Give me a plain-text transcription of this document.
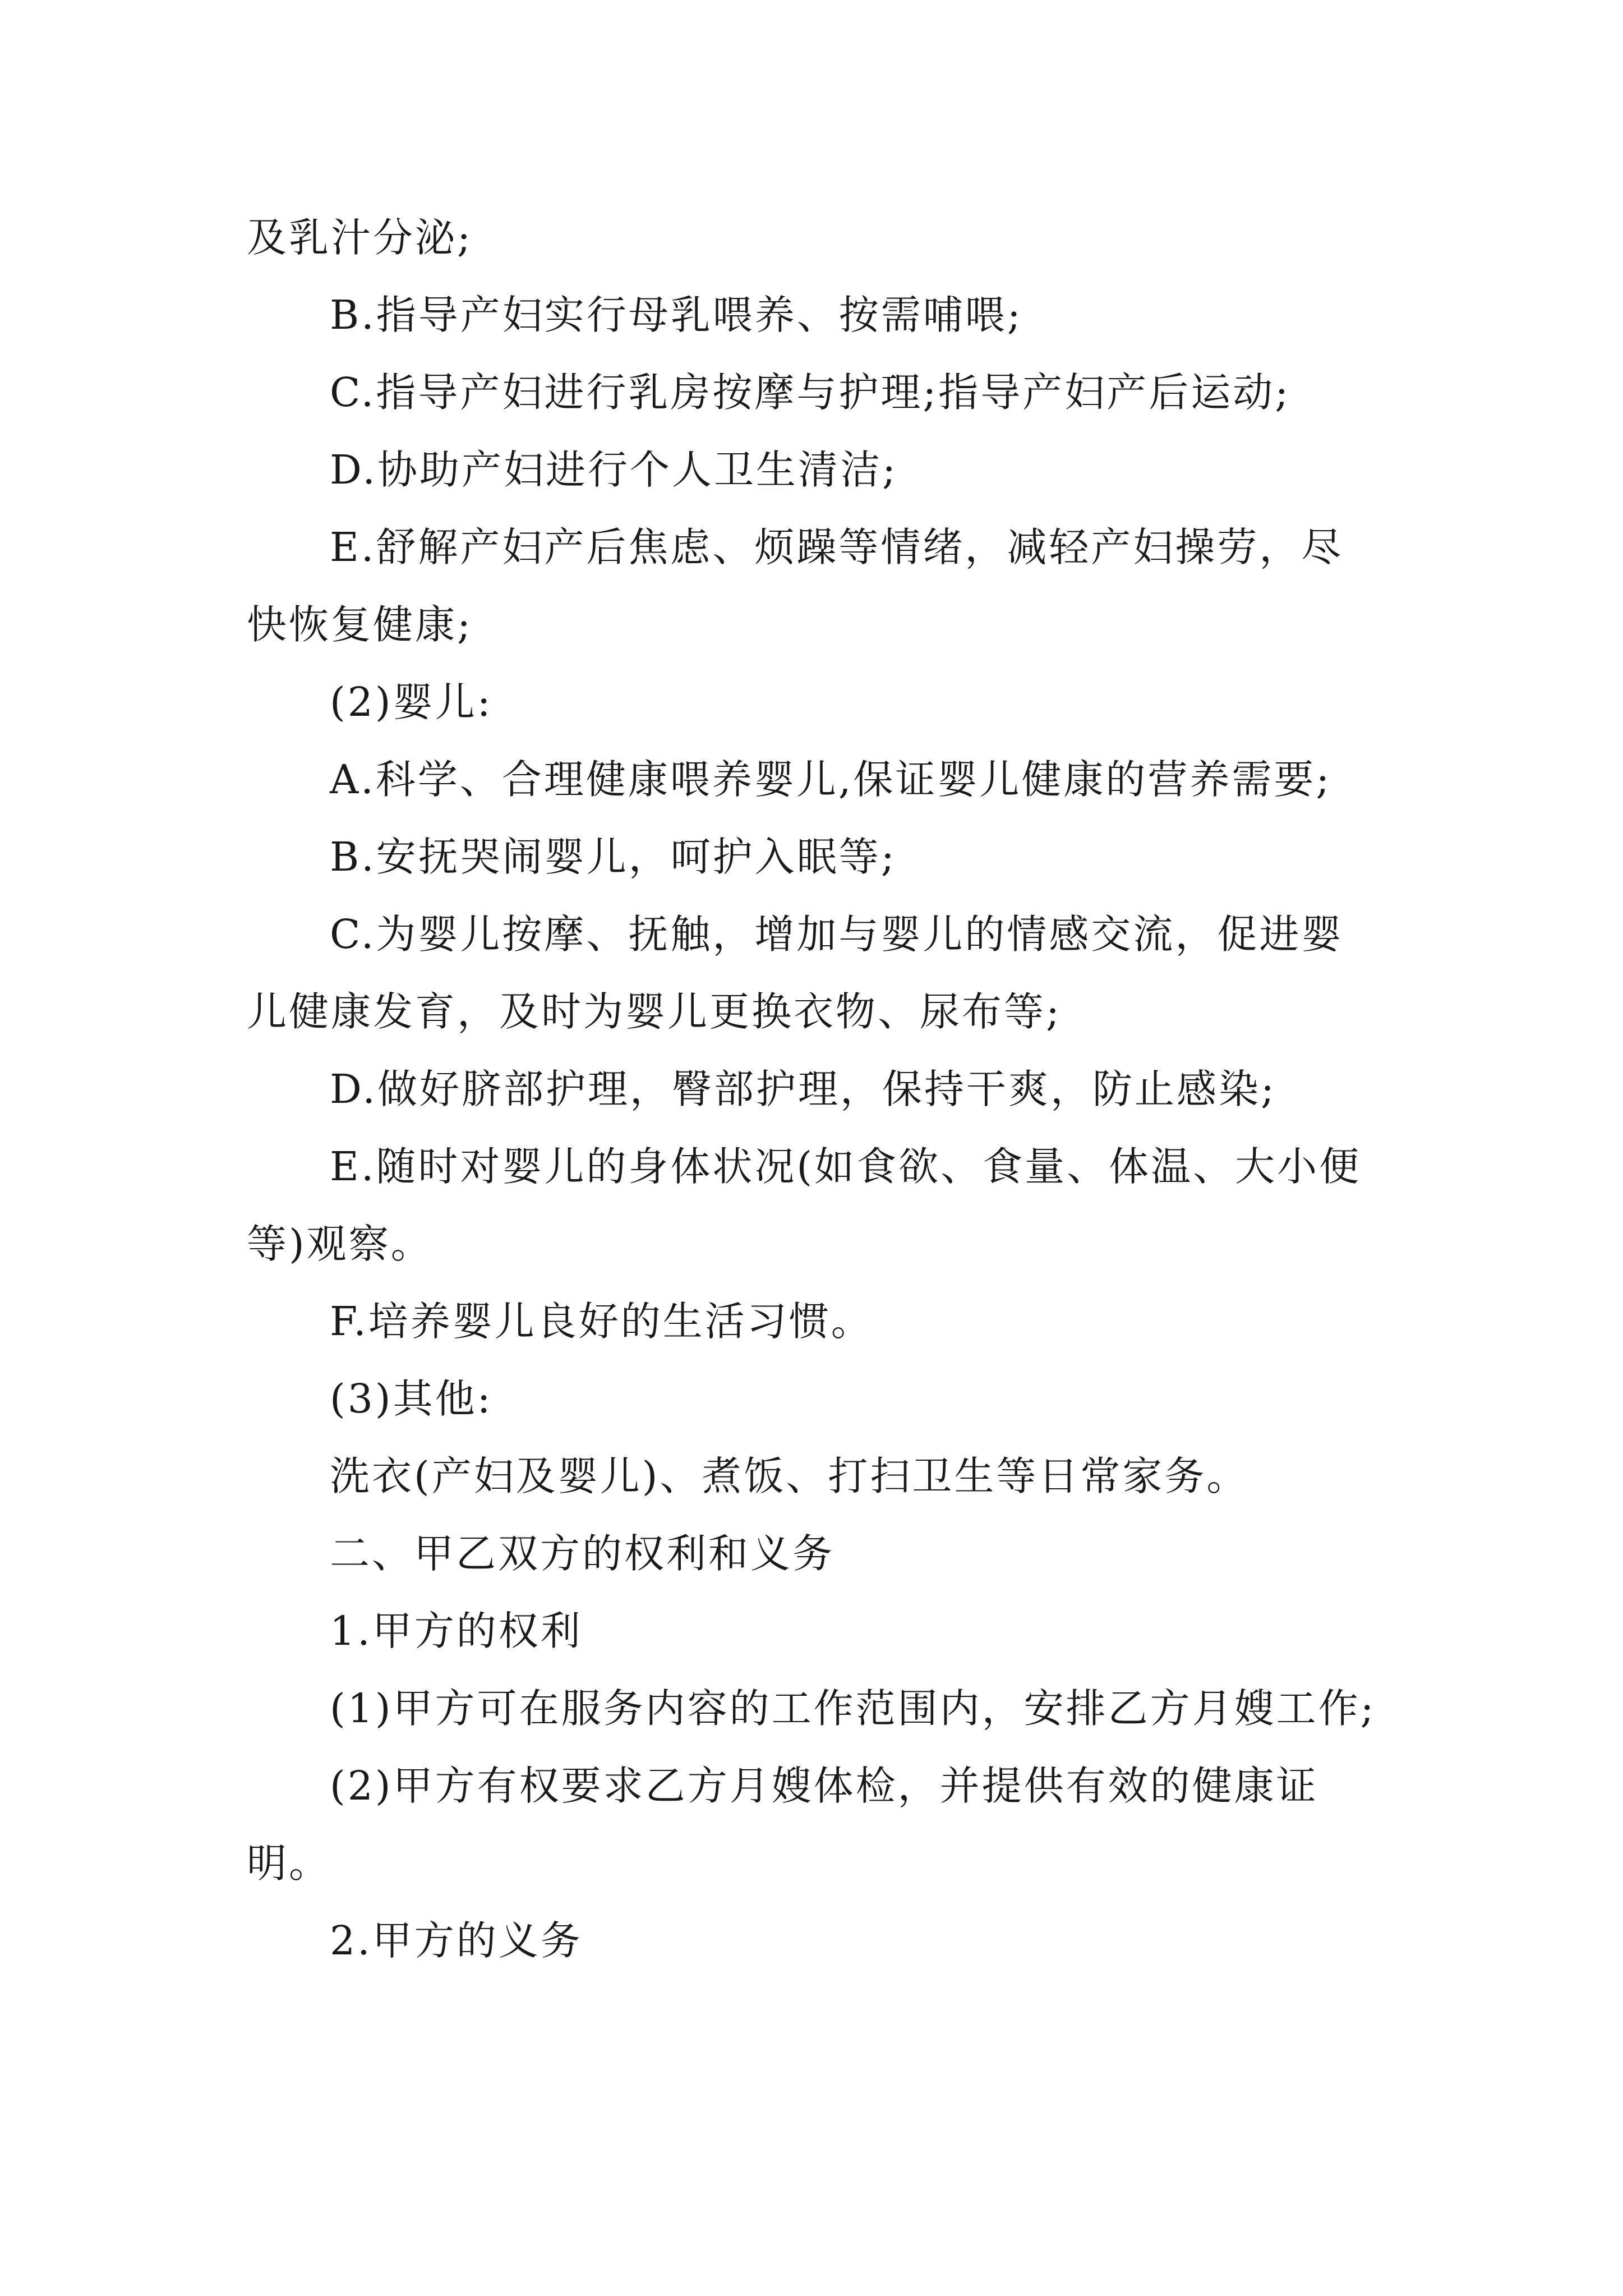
及乳汁分泌;

B.指导产妇实行母乳喂养、按需哺喂;

C.指导产妇进行乳房按摩与护理;指导产妇产后运动;

D.协助产妇进行个人卫生清洁;

E.舒解产妇产后焦虑、烦躁等情绪，减轻产妇操劳，尽快恢复健康;

(2)婴儿:

A.科学、合理健康喂养婴儿,保证婴儿健康的营养需要;

B.安抚哭闹婴儿，呵护入眠等;

C.为婴儿按摩、抚触，增加与婴儿的情感交流，促进婴儿健康发育，及时为婴儿更换衣物、尿布等;

D.做好脐部护理，臀部护理，保持干爽，防止感染;

E.随时对婴儿的身体状况(如食欲、食量、体温、大小便等)观察。

F.培养婴儿良好的生活习惯。

(3)其他:

洗衣(产妇及婴儿)、煮饭、打扫卫生等日常家务。

二、甲乙双方的权利和义务

1.甲方的权利

(1)甲方可在服务内容的工作范围内，安排乙方月嫂工作;

(2)甲方有权要求乙方月嫂体检，并提供有效的健康证明。

2.甲方的义务
